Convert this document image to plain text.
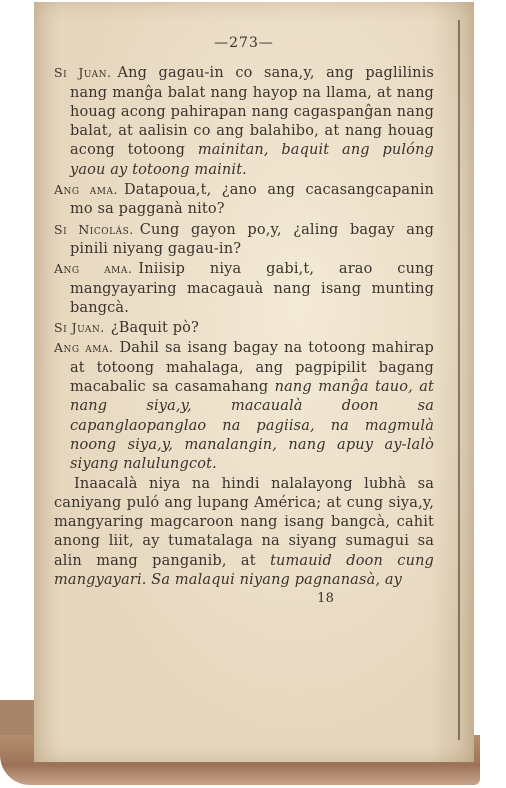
—273—

Si Juan. Ang gagau-in co sana,y, ang paglilinis nang manĝa balat nang hayop na llama, at nang houag acong pahirapan nang cagaspanĝan nang balat, at aalisin co ang balahibo, at nang houag acong totoong mainitan, baquit ang pulóng yaou ay totoong mainit.

Ang ama. Datapoua,t, ¿ano ang cacasangcapanin mo sa pagganà nito?

Si Nicolás. Cung gayon po,y, ¿aling bagay ang pinili niyang gagau-in?

Ang ama. Iniisip niya gabi,t, arao cung mangyayaring macagauà nang isang munting bangcà.

Si Juan. ¿Baquit pò?

Ang ama. Dahil sa isang bagay na totoong mahirap at totoong mahalaga, ang pagpipilit bagang macabalic sa casamahang nang manĝa tauo, at nang siya,y, macaualà doon sa capanglaopanglao na pagiisa, na magmulà noong siya,y, manalangin, nang apuy ay-lalò siyang nalulungcot.

Inaacalà niya na hindi nalalayong lubhà sa caniyang puló ang lupang América; at cung siya,y, mangyaring magcaroon nang isang bangcà, cahit anong liit, ay tumatalaga na siyang sumagui sa alin mang panganib, at tumauid doon cung mangyayari. Sa malaqui niyang pagnanasà, ay

18
